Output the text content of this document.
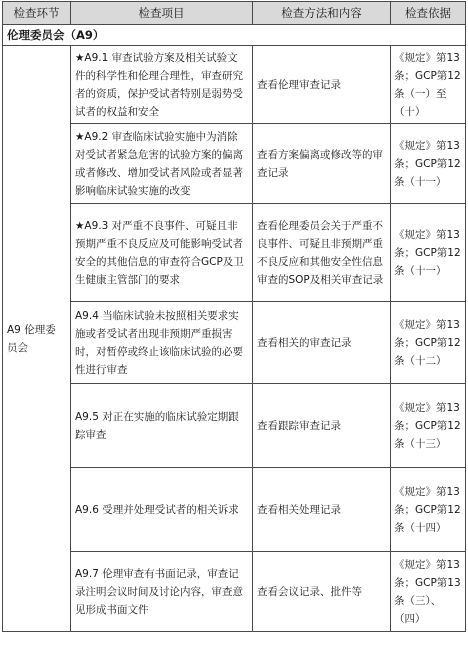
检查环节	检查项目	检查方法和内容	检查依据
伦理委员会（A9）			
A9 伦理委员会	★A9.1 审查试验方案及相关试验文件的科学性和伦理合理性，审查研究者的资质，保护受试者特别是弱势受试者的权益和安全	查看伦理审查记录	《规定》第13条；GCP第12条（一）至（十）
	★A9.2 审查临床试验实施中为消除对受试者紧急危害的试验方案的偏离或者修改、增加受试者风险或者显著影响临床试验实施的改变	查看方案偏离或修改等的审查记录	《规定》第13条；GCP第12条（十一）
	★A9.3 对严重不良事件、可疑且非预期严重不良反应及可能影响受试者安全的其他信息的审查符合GCP及卫生健康主管部门的要求	查看伦理委员会关于严重不良事件、可疑且非预期严重不良反应和其他安全性信息审查的SOP及相关审查记录	《规定》第13条；GCP第12条（十一）
	A9.4 当临床试验未按照相关要求实施或者受试者出现非预期严重损害时，对暂停或终止该临床试验的必要性进行审查	查看相关的审查记录	《规定》第13条；GCP第12条（十二）
	A9.5 对正在实施的临床试验定期跟踪审查	查看跟踪审查记录	《规定》第13条；GCP第12条（十三）
	A9.6 受理并处理受试者的相关诉求	查看相关处理记录	《规定》第13条；GCP第12条（十四）
	A9.7 伦理审查有书面记录，审查记录注明会议时间及讨论内容，审查意见形成书面文件	查看会议记录、批件等	《规定》第13条；GCP第13条（三）、（四）
